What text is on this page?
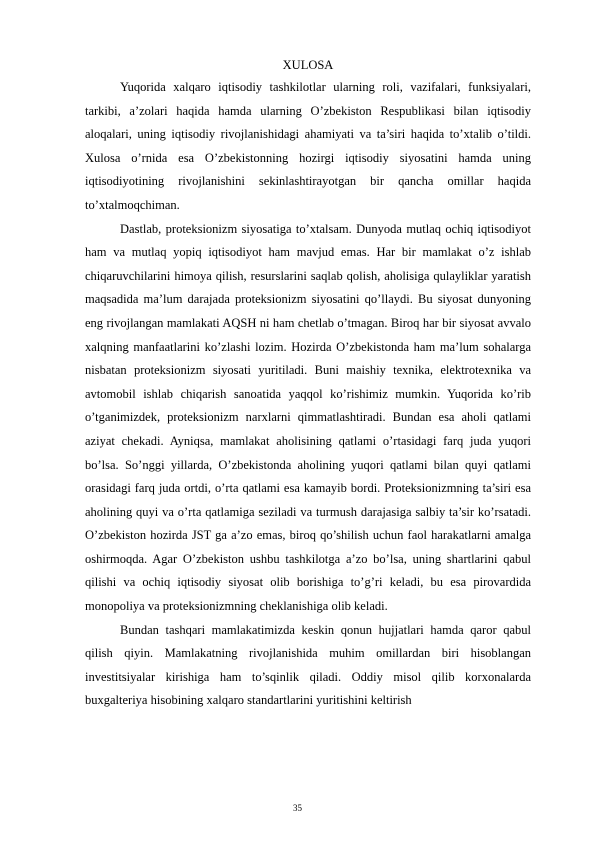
XULOSA

Yuqorida xalqaro iqtisodiy tashkilotlar ularning roli, vazifalari, funksiyalari, tarkibi, a’zolari haqida hamda ularning O’zbekiston Respublikasi bilan iqtisodiy aloqalari, uning iqtisodiy rivojlanishidagi ahamiyati va ta’siri haqida to’xtalib o’tildi. Xulosa o’rnida esa O’zbekistonning hozirgi iqtisodiy siyosatini hamda uning iqtisodiyotining rivojlanishini sekinlashtirayotgan bir qancha omillar haqida to’xtalmoqchiman.

Dastlab, proteksionizm siyosatiga to’xtalsam. Dunyoda mutlaq ochiq iqtisodiyot ham va mutlaq yopiq iqtisodiyot ham mavjud emas. Har bir mamlakat o’z ishlab chiqaruvchilarini himoya qilish, resurslarini saqlab qolish, aholisiga qulayliklar yaratish maqsadida ma’lum darajada proteksionizm siyosatini qo’llaydi. Bu siyosat dunyoning eng rivojlangan mamlakati AQSH ni ham chetlab o’tmagan. Biroq har bir siyosat avvalo xalqning manfaatlarini ko’zlashi lozim. Hozirda O’zbekistonda ham ma’lum sohalarga nisbatan proteksionizm siyosati yuritiladi. Buni maishiy texnika, elektrotexnika va avtomobil ishlab chiqarish sanoatida yaqqol ko’rishimiz mumkin. Yuqorida ko’rib o’tganimizdek, proteksionizm narxlarni qimmatlashtiradi. Bundan esa aholi qatlami aziyat chekadi. Ayniqsa, mamlakat aholisining qatlami o’rtasidagi farq juda yuqori bo’lsa. So’nggi yillarda, O’zbekistonda aholining yuqori qatlami bilan quyi qatlami orasidagi farq juda ortdi, o’rta qatlami esa kamayib bordi. Proteksionizmning ta’siri esa aholining quyi va o’rta qatlamiga seziladi va turmush darajasiga salbiy ta’sir ko’rsatadi. O’zbekiston hozirda JST ga a’zo emas, biroq qo’shilish uchun faol harakatlarni amalga oshirmoqda. Agar O’zbekiston ushbu tashkilotga a’zo bo’lsa, uning shartlarini qabul qilishi va ochiq iqtisodiy siyosat olib borishiga to’g’ri keladi, bu esa pirovardida monopoliya va proteksionizmning cheklanishiga olib keladi.

Bundan tashqari mamlakatimizda keskin qonun hujjatlari hamda qaror qabul qilish qiyin. Mamlakatning rivojlanishida muhim omillardan biri hisoblangan investitsiyalar kirishiga ham to’sqinlik qiladi. Oddiy misol qilib korxonalarda buxgalteriya hisobining xalqaro standartlarini yuritishini keltirish

35
